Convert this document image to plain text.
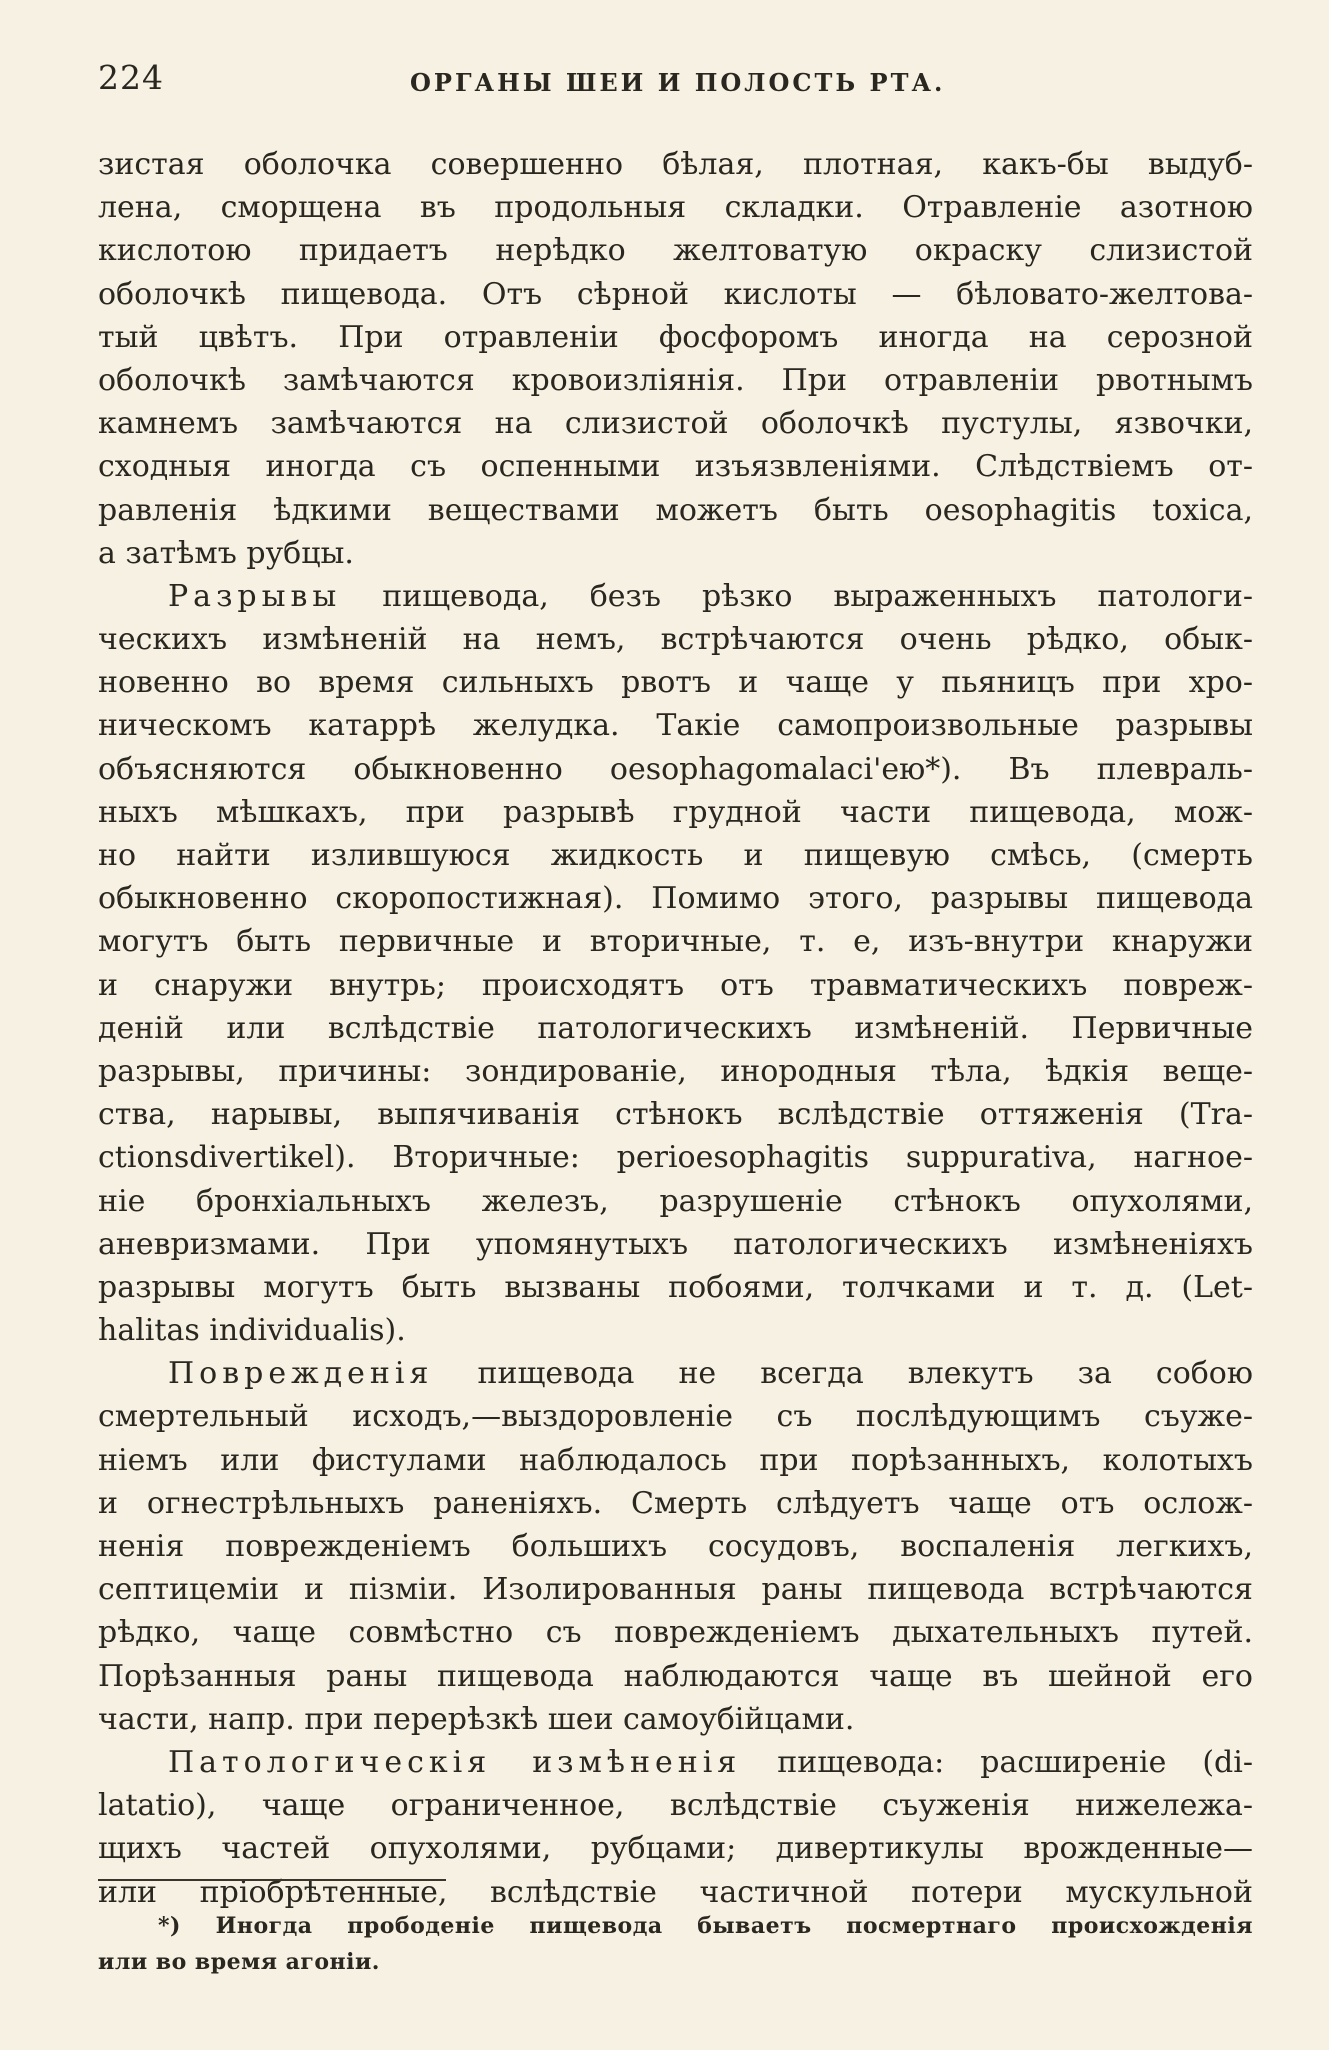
224	ОРГАНЫ ШЕИ И ПОЛОСТЬ РТА.
зистая оболочка совершенно бѣлая, плотная, какъ-бы выдуб-
лена, сморщена въ продольныя складки. Отравленіе азотною
кислотою придаетъ нерѣдко желтоватую окраску слизистой
оболочкѣ пищевода. Отъ сѣрной кислоты — бѣловато-желтова-
тый цвѣтъ. При отравленіи фосфоромъ иногда на серозной
оболочкѣ замѣчаются кровоизліянія. При отравленіи рвотнымъ
камнемъ замѣчаются на слизистой оболочкѣ пустулы, язвочки,
сходныя иногда съ оспенными изъязвленіями. Слѣдствіемъ от-
равленія ѣдкими веществами можетъ быть oesophagitis toxica,
а затѣмъ рубцы.
Разрывы пищевода, безъ рѣзко выраженныхъ патологи-
ческихъ измѣненій на немъ, встрѣчаются очень рѣдко, обык-
новенно во время сильныхъ рвотъ и чаще у пьяницъ при хро-
ническомъ катаррѣ желудка. Такіе самопроизвольные разрывы
объясняются обыкновенно oesophagomalaci'ею*). Въ плевраль-
ныхъ мѣшкахъ, при разрывѣ грудной части пищевода, мож-
но найти излившуюся жидкость и пищевую смѣсь, (смерть
обыкновенно скоропостижная). Помимо этого, разрывы пищевода
могутъ быть первичные и вторичные, т. е, изъ-внутри кнаружи
и снаружи внутрь; происходятъ отъ травматическихъ повреж-
деній или вслѣдствіе патологическихъ измѣненій. Первичные
разрывы, причины: зондированіе, инородныя тѣла, ѣдкія веще-
ства, нарывы, выпячиванія стѣнокъ вслѣдствіе оттяженія (Tra-
ctionsdivertikel). Вторичные: perioesophagitis suppurativa, нагное-
ніе бронхіальныхъ железъ, разрушеніе стѣнокъ опухолями,
аневризмами. При упомянутыхъ патологическихъ измѣненіяхъ
разрывы могутъ быть вызваны побоями, толчками и т. д. (Let-
halitas individualis).
Поврежденія пищевода не всегда влекутъ за собою
смертельный исходъ,—выздоровленіе съ послѣдующимъ съуже-
ніемъ или фистулами наблюдалось при порѣзанныхъ, колотыхъ
и огнестрѣльныхъ раненіяхъ. Смерть слѣдуетъ чаще отъ ослож-
ненія поврежденіемъ большихъ сосудовъ, воспаленія легкихъ,
септицеміи и пізміи. Изолированныя раны пищевода встрѣчаются
рѣдко, чаще совмѣстно съ поврежденіемъ дыхательныхъ путей.
Порѣзанныя раны пищевода наблюдаются чаще въ шейной его
части, напр. при перерѣзкѣ шеи самоубійцами.
Патологическія измѣненія пищевода: расширеніе (di-
latatio), чаще ограниченное, вслѣдствіе съуженія нижележа-
щихъ частей опухолями, рубцами; дивертикулы врожденные—
или пріобрѣтенные, вслѣдствіе частичной потери мускульной
*) Иногда прободеніе пищевода бываетъ посмертнаго происхожденія
или во время агоніи.
